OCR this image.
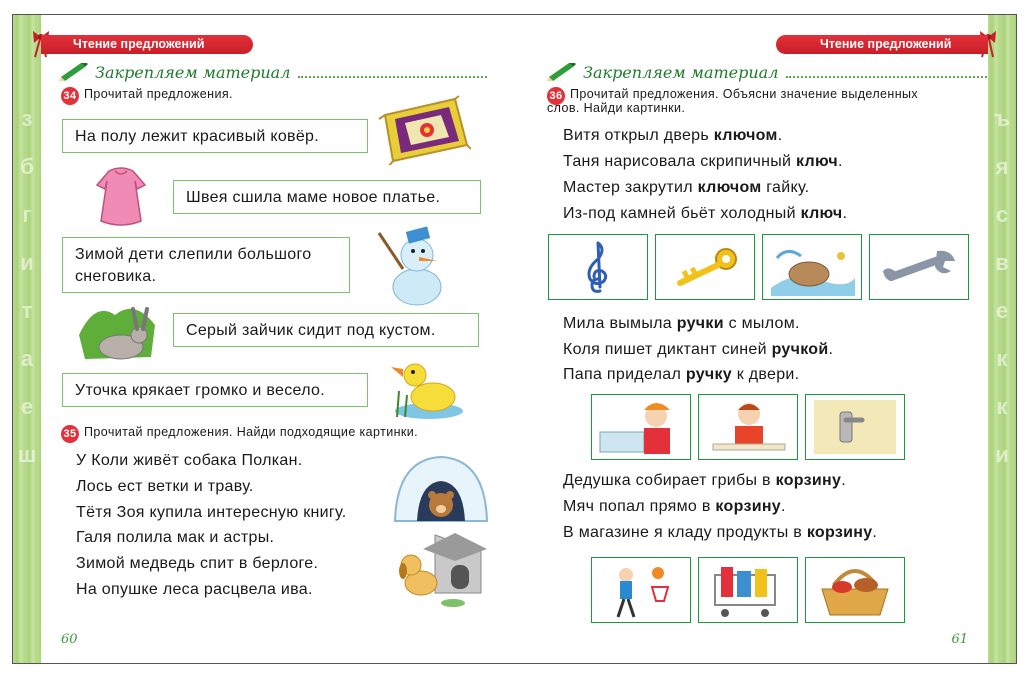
з
б
г
и
т
а
е
ш
ъ
я
с
в
е
к
к
и
Чтение предложений
Закрепляем материал
34 Прочитай предложения.
На полу лежит красивый ковёр.
Швея сшила маме новое платье.
Зимой дети слепили большого снеговика.
Серый зайчик сидит под кустом.
Уточка крякает громко и весело.
35 Прочитай предложения. Найди подходящие картинки.
У Коли живёт собака Полкан.
Лось ест ветки и траву.
Тётя Зоя купила интересную книгу.
Галя полила мак и астры.
Зимой медведь спит в берлоге.
На опушке леса расцвела ива.
60
Чтение предложений
Закрепляем материал
36 Прочитай предложения. Объясни значение выделенных
слов. Найди картинки.
Витя открыл дверь ключом.
Таня нарисовала скрипичный ключ.
Мастер закрутил ключом гайку.
Из-под камней бьёт холодный ключ.
Мила вымыла ручки с мылом.
Коля пишет диктант синей ручкой.
Папа приделал ручку к двери.
Дедушка собирает грибы в корзину.
Мяч попал прямо в корзину.
В магазине я кладу продукты в корзину.
61
